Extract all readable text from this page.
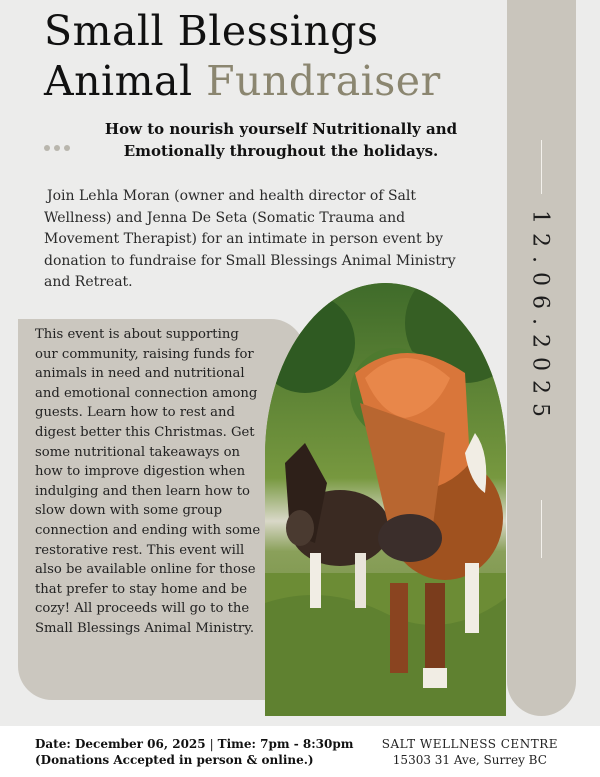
Small Blessings
Animal Fundraiser

How to nourish yourself Nutritionally and
Emotionally throughout the holidays.

Join Lehla Moran (owner and health director of Salt Wellness) and Jenna De Seta (Somatic Trauma and Movement Therapist) for an intimate in person event by donation to fundraise for Small Blessings Animal Ministry and Retreat.	12.06.2025

This event is about supporting our community, raising funds for animals in need and nutritional and emotional connection among guests. Learn how to rest and digest better this Christmas. Get some nutritional takeaways on how to improve digestion when indulging and then learn how to slow down with some group connection and ending with some restorative rest. This event will also be available online for those that prefer to stay home and be cozy! All proceeds will go to the Small Blessings Animal Ministry.

Date: December 06, 2025 | Time: 7pm - 8:30pm
(Donations Accepted in person & online.)
SALT WELLNESS CENTRE
15303 31 Ave, Surrey BC
